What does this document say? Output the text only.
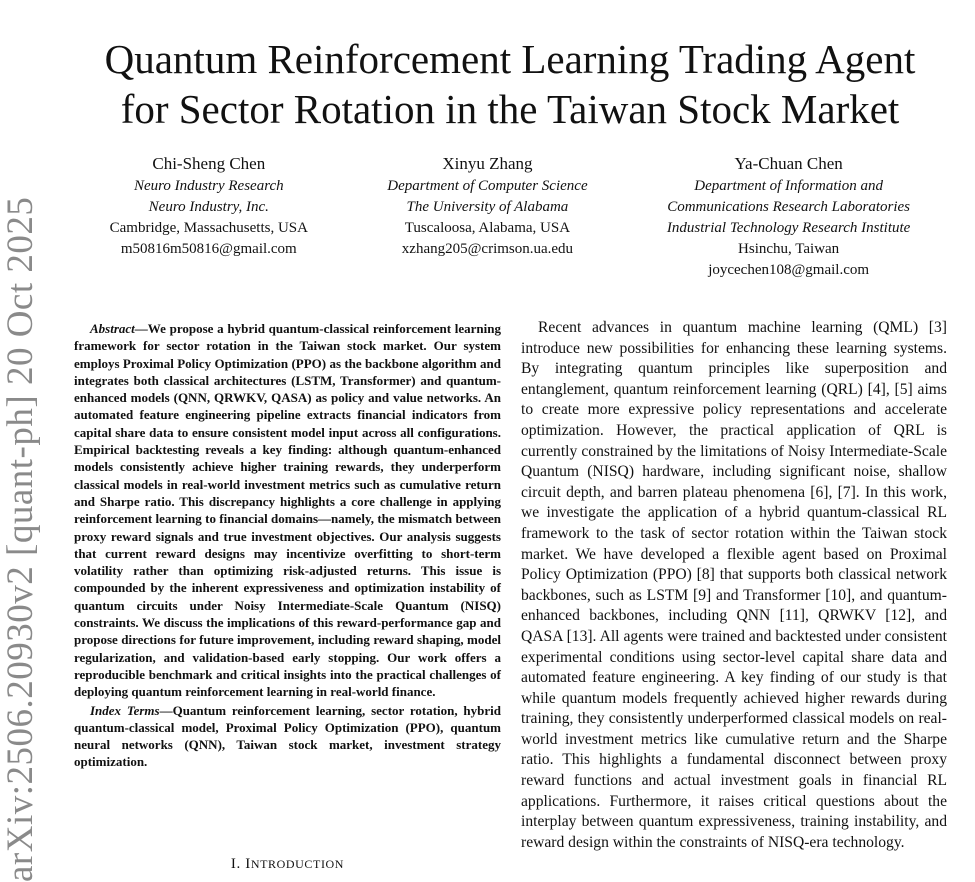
arXiv:2506.20930v2 [quant-ph] 20 Oct 2025
Quantum Reinforcement Learning Trading Agent
for Sector Rotation in the Taiwan Stock Market
Chi-Sheng Chen
Neuro Industry Research
Neuro Industry, Inc.
Cambridge, Massachusetts, USA
m50816m50816@gmail.com
Xinyu Zhang
Department of Computer Science
The University of Alabama
Tuscaloosa, Alabama, USA
xzhang205@crimson.ua.edu
Ya-Chuan Chen
Department of Information and
Communications Research Laboratories
Industrial Technology Research Institute
Hsinchu, Taiwan
joycechen108@gmail.com

Abstract—We propose a hybrid quantum-classical reinforcement learning framework for sector rotation in the Taiwan stock market. Our system employs Proximal Policy Optimization (PPO) as the backbone algorithm and integrates both classical architectures (LSTM, Transformer) and quantum-enhanced models (QNN, QRWKV, QASA) as policy and value networks. An automated feature engineering pipeline extracts financial indicators from capital share data to ensure consistent model input across all configurations. Empirical backtesting reveals a key finding: although quantum-enhanced models consistently achieve higher training rewards, they underperform classical models in real-world investment metrics such as cumulative return and Sharpe ratio. This discrepancy highlights a core challenge in applying reinforcement learning to financial domains—namely, the mismatch between proxy reward signals and true investment objectives. Our analysis suggests that current reward designs may incentivize overfitting to short-term volatility rather than optimizing risk-adjusted returns. This issue is compounded by the inherent expressiveness and optimization instability of quantum circuits under Noisy Intermediate-Scale Quantum (NISQ) constraints. We discuss the implications of this reward-performance gap and propose directions for future improvement, including reward shaping, model regularization, and validation-based early stopping. Our work offers a reproducible benchmark and critical insights into the practical challenges of deploying quantum reinforcement learning in real-world finance.

Index Terms—Quantum reinforcement learning, sector rotation, hybrid quantum-classical model, Proximal Policy Optimization (PPO), quantum neural networks (QNN), Taiwan stock market, investment strategy optimization.

I. INTRODUCTION

Recent advances in quantum machine learning (QML) [3] introduce new possibilities for enhancing these learning systems. By integrating quantum principles like superposition and entanglement, quantum reinforcement learning (QRL) [4], [5] aims to create more expressive policy representations and accelerate optimization. However, the practical application of QRL is currently constrained by the limitations of Noisy Intermediate-Scale Quantum (NISQ) hardware, including significant noise, shallow circuit depth, and barren plateau phenomena [6], [7]. In this work, we investigate the application of a hybrid quantum-classical RL framework to the task of sector rotation within the Taiwan stock market. We have developed a flexible agent based on Proximal Policy Optimization (PPO) [8] that supports both classical network backbones, such as LSTM [9] and Transformer [10], and quantum-enhanced backbones, including QNN [11], QRWKV [12], and QASA [13]. All agents were trained and backtested under consistent experimental conditions using sector-level capital share data and automated feature engineering. A key finding of our study is that while quantum models frequently achieved higher rewards during training, they consistently underperformed classical models on real-world investment metrics like cumulative return and the Sharpe ratio. This highlights a fundamental disconnect between proxy reward functions and actual investment goals in financial RL applications. Furthermore, it raises critical questions about the interplay between quantum expressiveness, training instability, and reward design within the constraints of NISQ-era technology.
